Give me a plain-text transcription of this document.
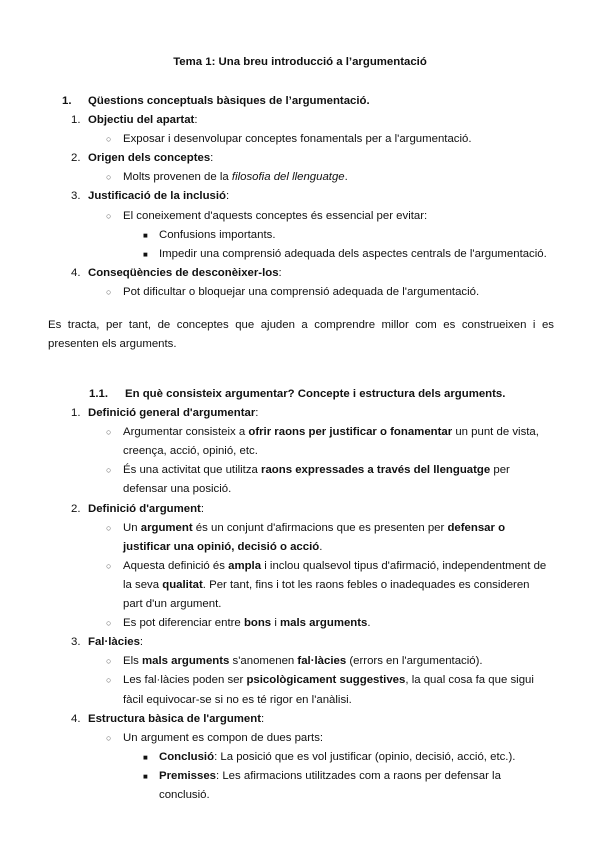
Tema 1: Una breu introducció a l’argumentació
1. Qüestions conceptuals bàsiques de l’argumentació.
1. Objectiu del apartat:
○ Exposar i desenvolupar conceptes fonamentals per a l'argumentació.
2. Origen dels conceptes:
○ Molts provenen de la filosofia del llenguatge.
3. Justificació de la inclusió:
○ El coneixement d'aquests conceptes és essencial per evitar:
■ Confusions importants.
■ Impedir una comprensió adequada dels aspectes centrals de l'argumentació.
4. Conseqüències de desconèixer-los:
○ Pot dificultar o bloquejar una comprensió adequada de l'argumentació.
Es tracta, per tant, de conceptes que ajuden a comprendre millor com es construeixen i es presenten els arguments.
1.1. En què consisteix argumentar? Concepte i estructura dels arguments.
1. Definició general d'argumentar:
○ Argumentar consisteix a ofrir raons per justificar o fonamentar un punt de vista, creença, acció, opinió, etc.
○ És una activitat que utilitza raons expressades a través del llenguatge per defensar una posició.
2. Definició d'argument:
○ Un argument és un conjunt d'afirmacions que es presenten per defensar o justificar una opinió, decisió o acció.
○ Aquesta definició és ampla i inclou qualsevol tipus d'afirmació, independentment de la seva qualitat. Per tant, fins i tot les raons febles o inadequades es consideren part d'un argument.
○ Es pot diferenciar entre bons i mals arguments.
3. Fal·làcies:
○ Els mals arguments s'anomenen fal·làcies (errors en l'argumentació).
○ Les fal·làcies poden ser psicològicament suggestives, la qual cosa fa que sigui fàcil equivocar-se si no es té rigor en l'anàlisi.
4. Estructura bàsica de l'argument:
○ Un argument es compon de dues parts:
■ Conclusió: La posició que es vol justificar (opinio, decisió, acció, etc.).
■ Premisses: Les afirmacions utilitzades com a raons per defensar la conclusió.
